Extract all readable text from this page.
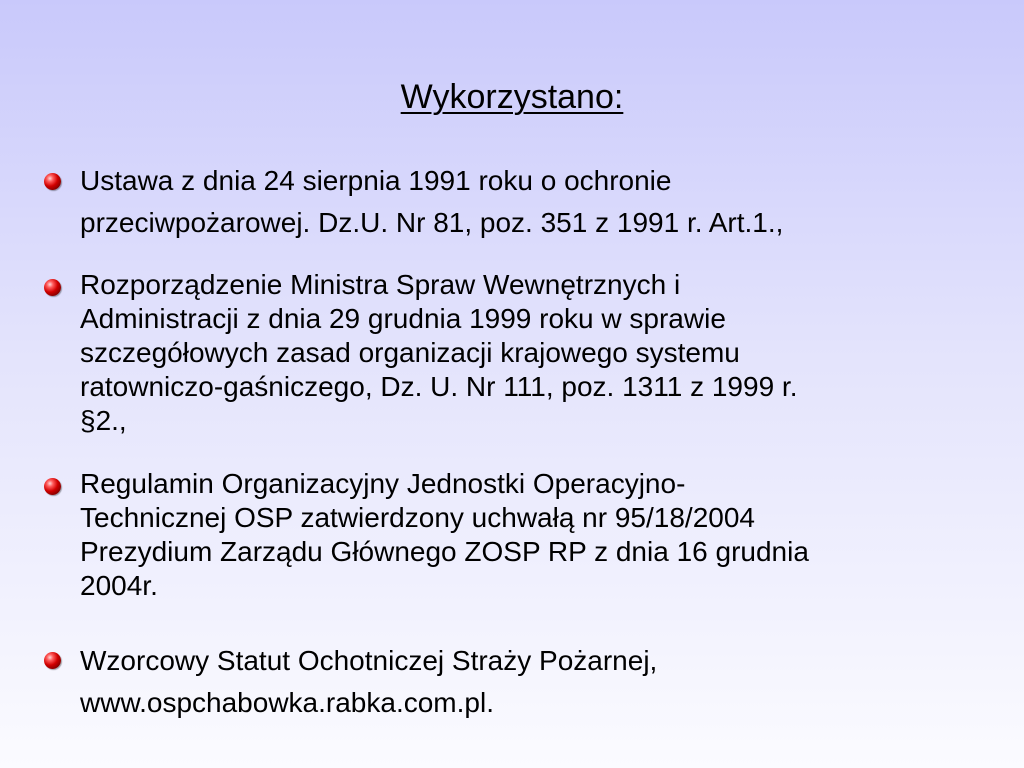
Wykorzystano:
Ustawa z dnia 24 sierpnia 1991 roku o ochronie
przeciwpożarowej. Dz.U. Nr 81, poz. 351 z 1991 r. Art.1.,
Rozporządzenie Ministra Spraw Wewnętrznych i
Administracji z dnia 29 grudnia 1999 roku w sprawie
szczegółowych zasad organizacji krajowego systemu
ratowniczo-gaśniczego, Dz. U. Nr 111, poz. 1311 z 1999 r.
§2.,
Regulamin Organizacyjny Jednostki Operacyjno-
Technicznej OSP zatwierdzony uchwałą nr 95/18/2004
Prezydium Zarządu Głównego ZOSP RP z dnia 16 grudnia
2004r.
Wzorcowy Statut Ochotniczej Straży Pożarnej,
www.ospchabowka.rabka.com.pl.
